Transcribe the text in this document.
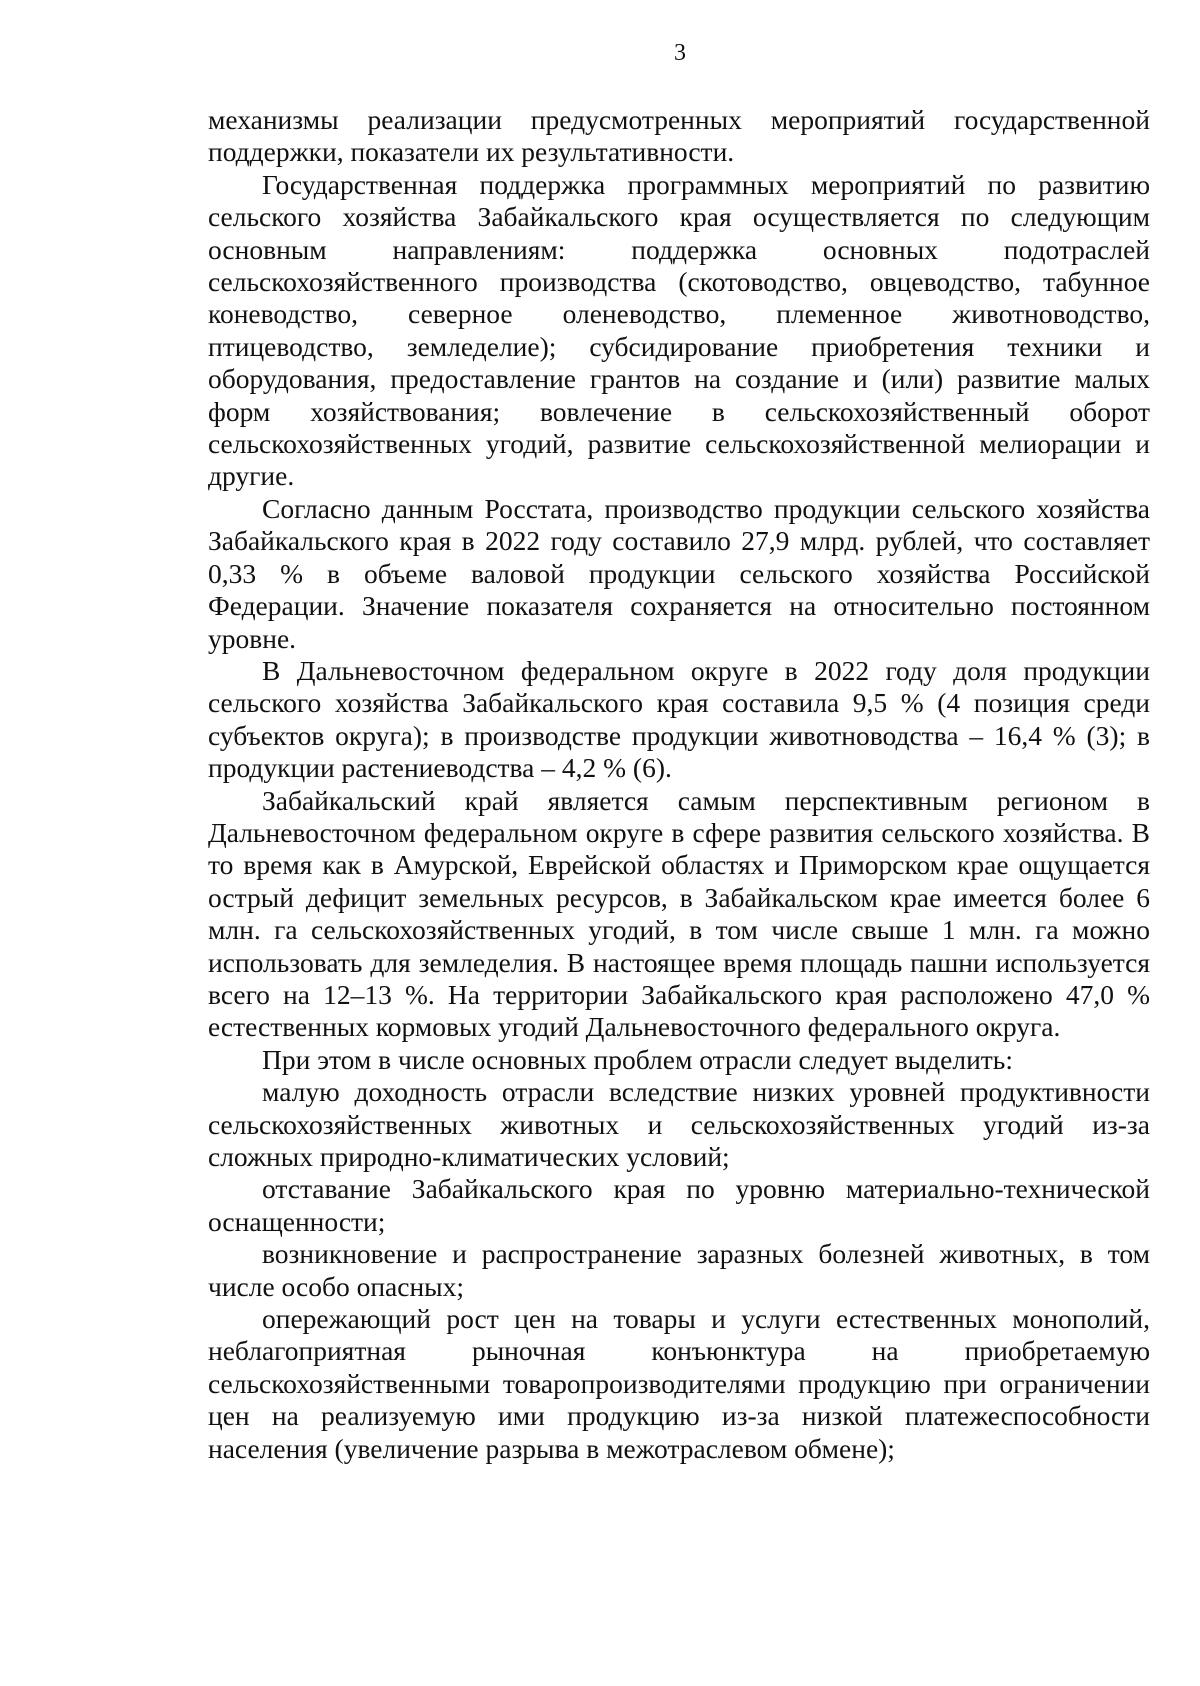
3

механизмы реализации предусмотренных мероприятий государственной поддержки, показатели их результативности.

Государственная поддержка программных мероприятий по развитию сельского хозяйства Забайкальского края осуществляется по следующим основным направлениям: поддержка основных подотраслей сельскохозяйственного производства (скотоводство, овцеводство, табунное коневодство, северное оленеводство, племенное животноводство, птицеводство, земледелие); субсидирование приобретения техники и оборудования, предоставление грантов на создание и (или) развитие малых форм хозяйствования; вовлечение в сельскохозяйственный оборот сельскохозяйственных угодий, развитие сельскохозяйственной мелиорации и другие.

Согласно данным Росстата, производство продукции сельского хозяйства Забайкальского края в 2022 году составило 27,9 млрд. рублей, что составляет 0,33 % в объеме валовой продукции сельского хозяйства Российской Федерации. Значение показателя сохраняется на относительно постоянном уровне.

В Дальневосточном федеральном округе в 2022 году доля продукции сельского хозяйства Забайкальского края составила 9,5 % (4 позиция среди субъектов округа); в производстве продукции животноводства – 16,4 % (3); в продукции растениеводства – 4,2 % (6).

Забайкальский край является самым перспективным регионом в Дальневосточном федеральном округе в сфере развития сельского хозяйства. В то время как в Амурской, Еврейской областях и Приморском крае ощущается острый дефицит земельных ресурсов, в Забайкальском крае имеется более 6 млн. га сельскохозяйственных угодий, в том числе свыше 1 млн. га можно использовать для земледелия. В настоящее время площадь пашни используется всего на 12–13 %. На территории Забайкальского края расположено 47,0 % естественных кормовых угодий Дальневосточного федерального округа.

При этом в числе основных проблем отрасли следует выделить:

малую доходность отрасли вследствие низких уровней продуктивности сельскохозяйственных животных и сельскохозяйственных угодий из-за сложных природно-климатических условий;

отставание Забайкальского края по уровню материально-технической оснащенности;

возникновение и распространение заразных болезней животных, в том числе особо опасных;

опережающий рост цен на товары и услуги естественных монополий, неблагоприятная рыночная конъюнктура на приобретаемую сельскохозяйственными товаропроизводителями продукцию при ограничении цен на реализуемую ими продукцию из-за низкой платежеспособности населения (увеличение разрыва в межотраслевом обмене);
